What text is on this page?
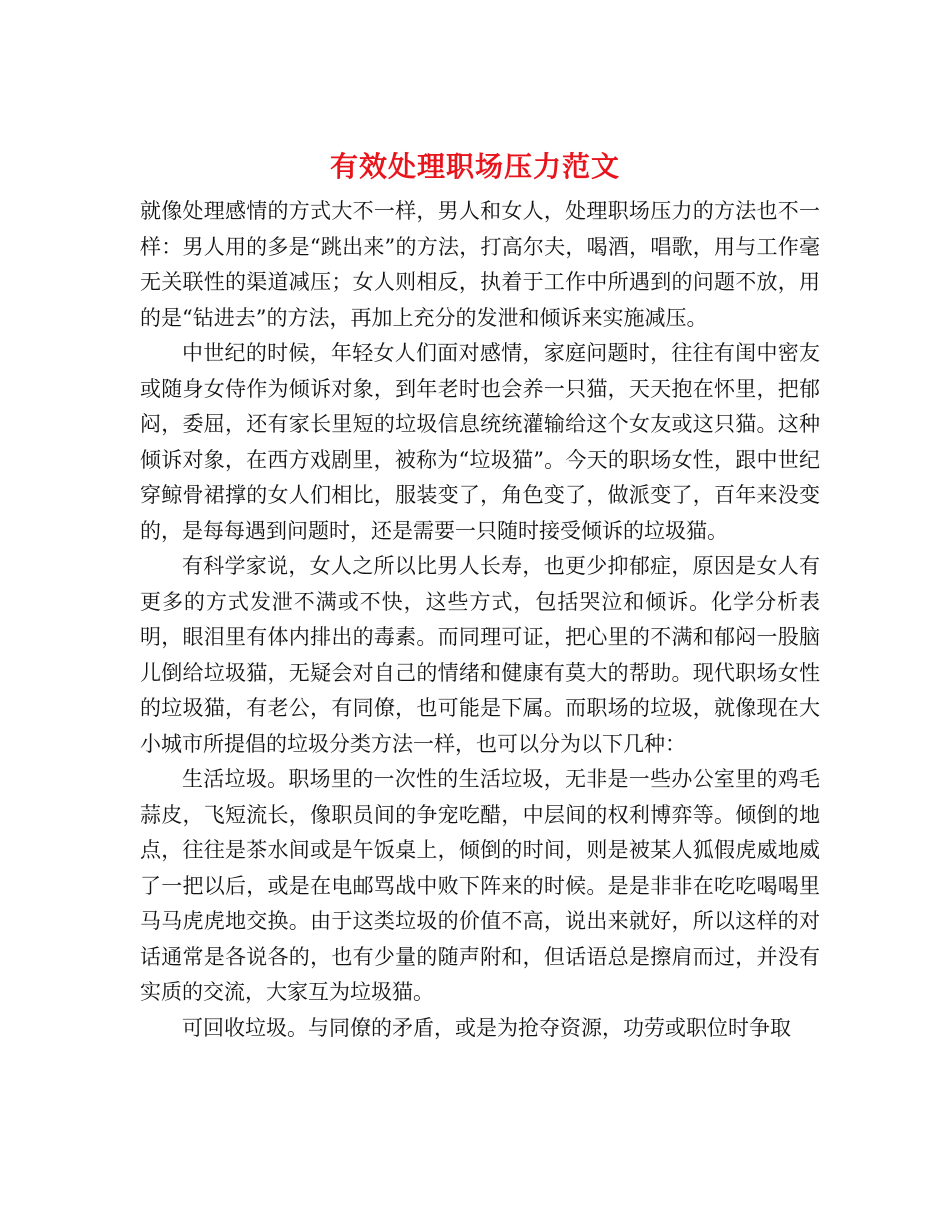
有效处理职场压力范文

就像处理感情的方式大不一样，男人和女人，处理职场压力的方法也不一样：男人用的多是“跳出来”的方法，打高尔夫，喝酒，唱歌，用与工作毫无关联性的渠道减压；女人则相反，执着于工作中所遇到的问题不放，用的是“钻进去”的方法，再加上充分的发泄和倾诉来实施减压。

中世纪的时候，年轻女人们面对感情，家庭问题时，往往有闺中密友或随身女侍作为倾诉对象，到年老时也会养一只猫，天天抱在怀里，把郁闷，委屈，还有家长里短的垃圾信息统统灌输给这个女友或这只猫。这种倾诉对象，在西方戏剧里，被称为“垃圾猫”。今天的职场女性，跟中世纪穿鲸骨裙撑的女人们相比，服装变了，角色变了，做派变了，百年来没变的，是每每遇到问题时，还是需要一只随时接受倾诉的垃圾猫。

有科学家说，女人之所以比男人长寿，也更少抑郁症，原因是女人有更多的方式发泄不满或不快，这些方式，包括哭泣和倾诉。化学分析表明，眼泪里有体内排出的毒素。而同理可证，把心里的不满和郁闷一股脑儿倒给垃圾猫，无疑会对自己的情绪和健康有莫大的帮助。现代职场女性的垃圾猫，有老公，有同僚，也可能是下属。而职场的垃圾，就像现在大小城市所提倡的垃圾分类方法一样，也可以分为以下几种：

生活垃圾。职场里的一次性的生活垃圾，无非是一些办公室里的鸡毛蒜皮，飞短流长，像职员间的争宠吃醋，中层间的权利博弈等。倾倒的地点，往往是茶水间或是午饭桌上，倾倒的时间，则是被某人狐假虎威地威了一把以后，或是在电邮骂战中败下阵来的时候。是是非非在吃吃喝喝里马马虎虎地交换。由于这类垃圾的价值不高，说出来就好，所以这样的对话通常是各说各的，也有少量的随声附和，但话语总是擦肩而过，并没有实质的交流，大家互为垃圾猫。

可回收垃圾。与同僚的矛盾，或是为抢夺资源，功劳或职位时争取
